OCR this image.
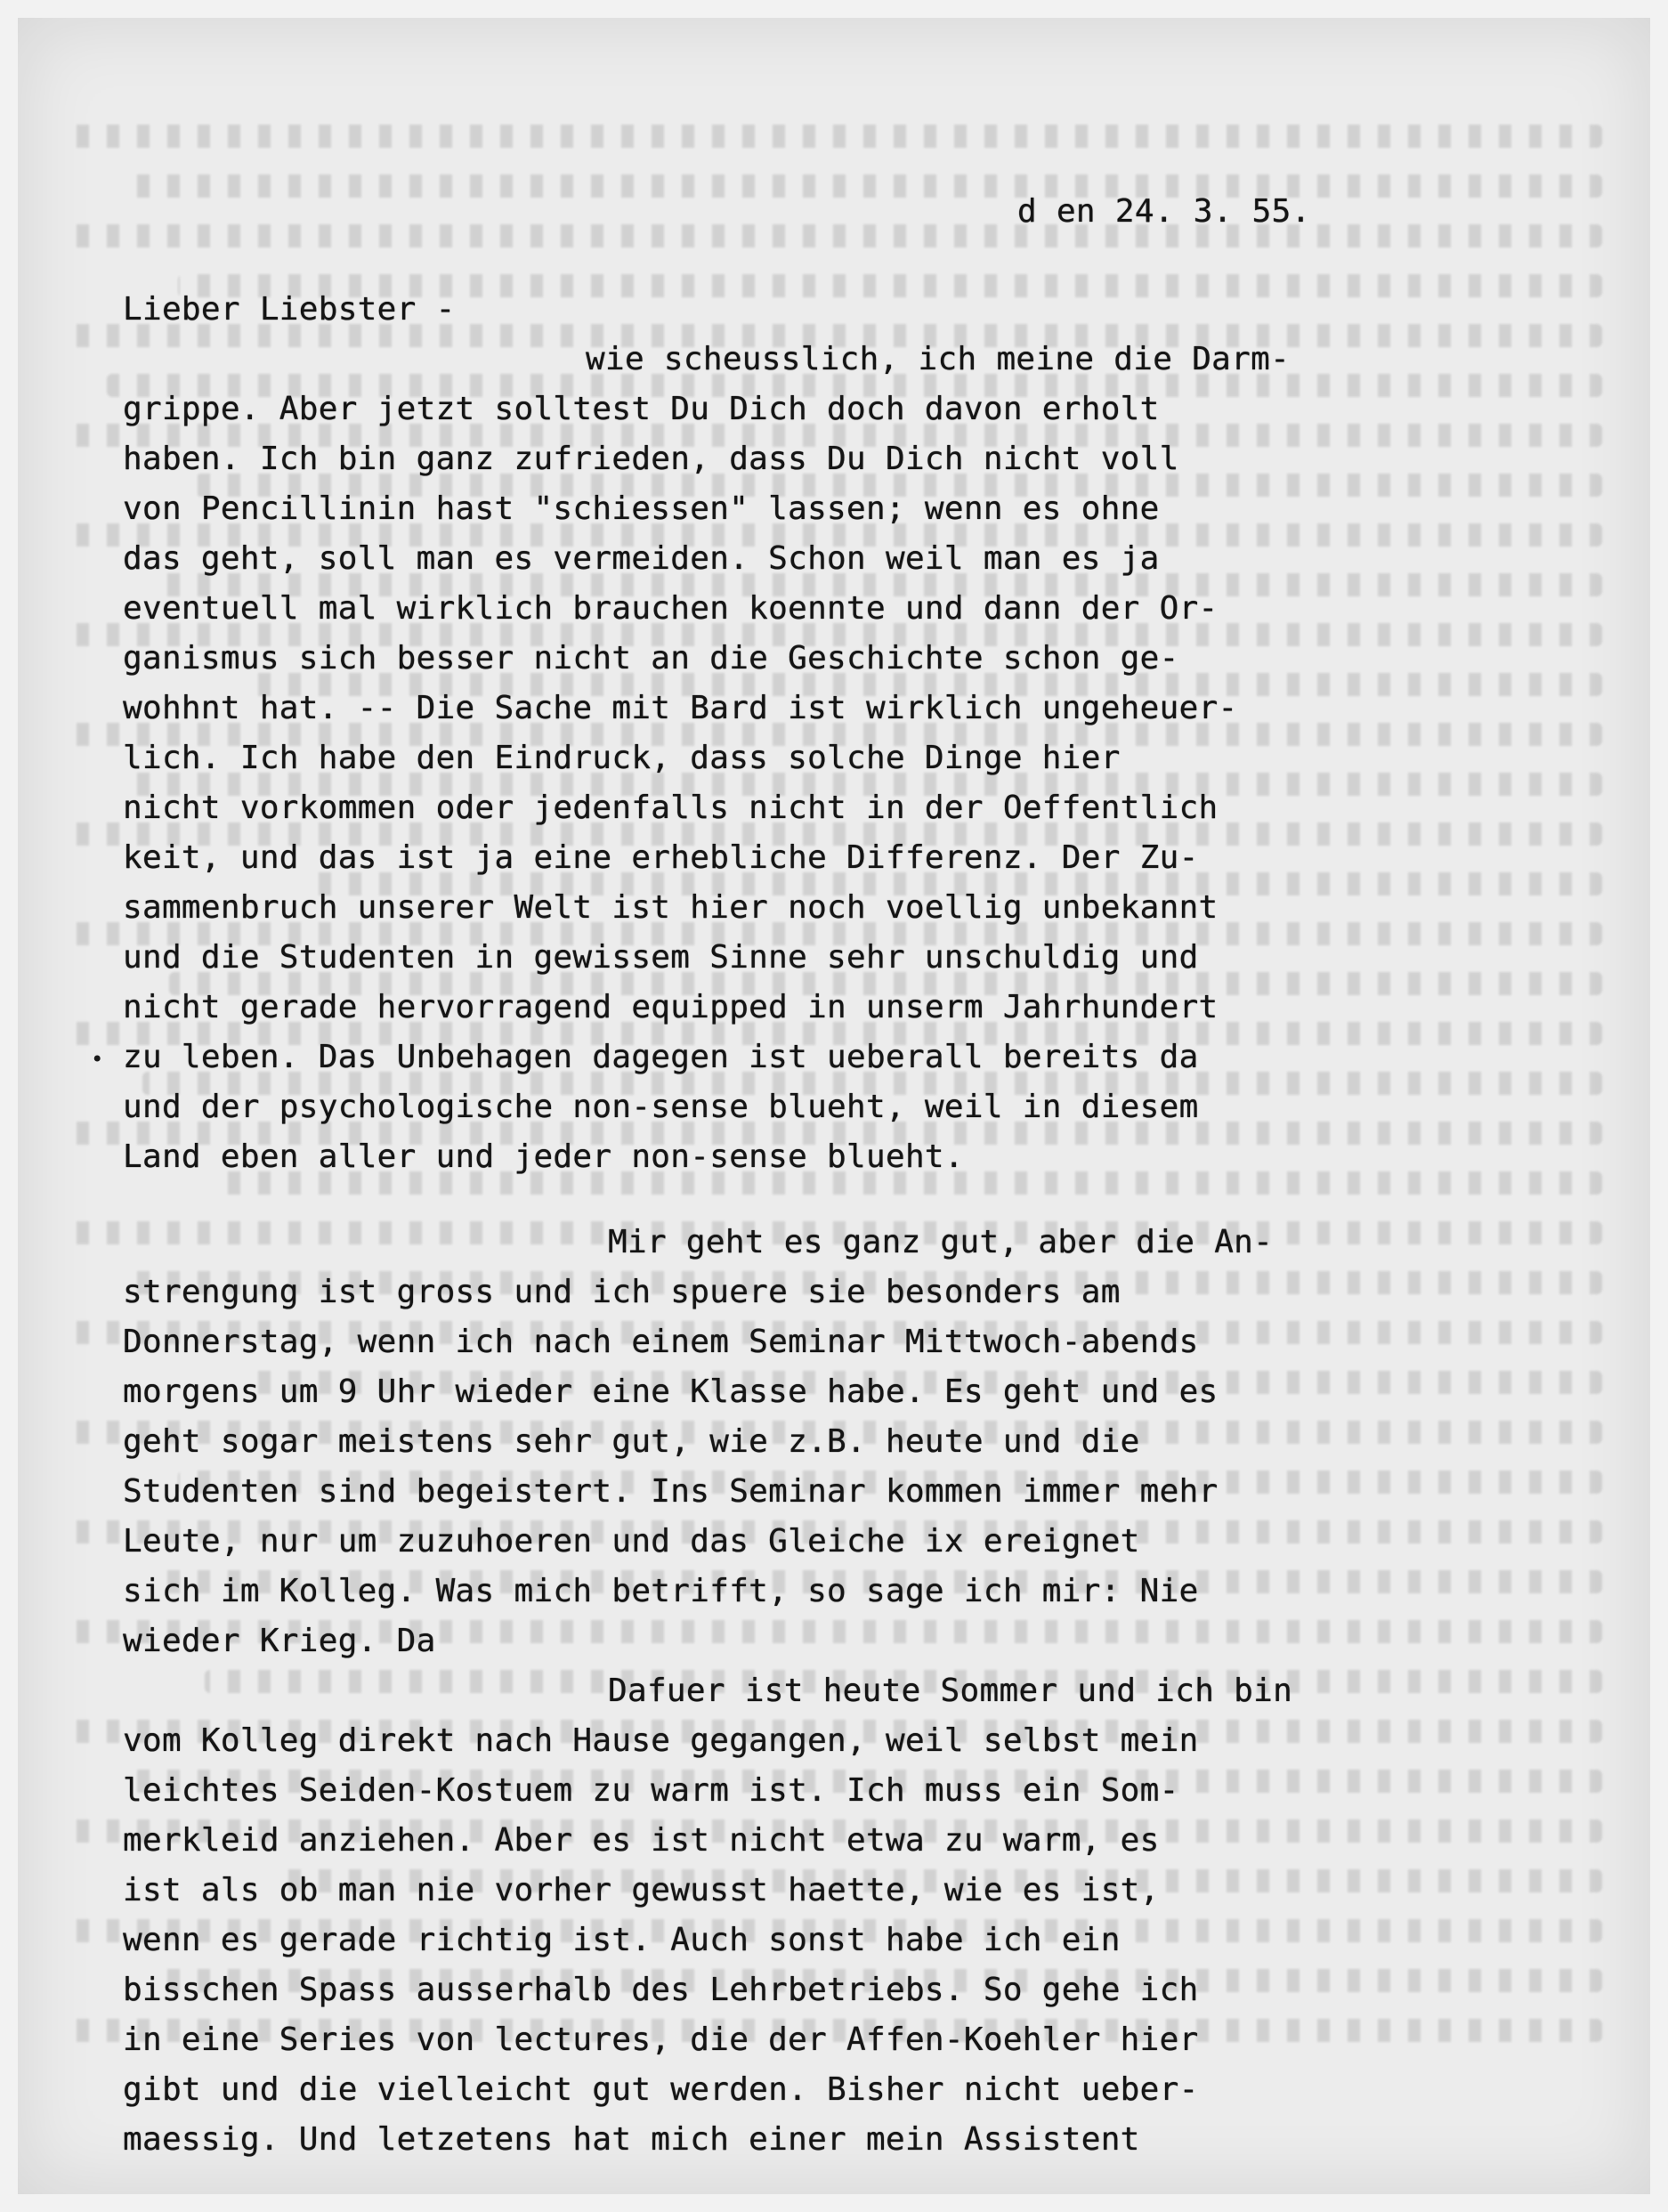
d en 24. 3. 55.
Lieber Liebster -
wie scheusslich, ich meine die Darm-
grippe. Aber jetzt solltest Du Dich doch davon erholt
haben. Ich bin ganz zufrieden, dass Du Dich nicht voll
von Pencillinin hast "schiessen" lassen; wenn es ohne
das geht, soll man es vermeiden. Schon weil man es ja
eventuell mal wirklich brauchen koennte und dann der Or-
ganismus sich besser nicht an die Geschichte schon ge-
wohhnt hat. -- Die Sache mit Bard ist wirklich ungeheuer-
lich. Ich habe den Eindruck, dass solche Dinge hier
nicht vorkommen oder jedenfalls nicht in der Oeffentlich
keit, und das ist ja eine erhebliche Differenz. Der Zu-
sammenbruch unserer Welt ist hier noch voellig unbekannt
und die Studenten in gewissem Sinne sehr unschuldig und
nicht gerade hervorragend equipped in unserm Jahrhundert
zu leben. Das Unbehagen dagegen ist ueberall bereits da
und der psychologische non-sense blueht, weil in diesem
Land eben aller und jeder non-sense blueht.
Mir geht es ganz gut, aber die An-
strengung ist gross und ich spuere sie besonders am
Donnerstag, wenn ich nach einem Seminar Mittwoch-abends
morgens um 9 Uhr wieder eine Klasse habe. Es geht und es
geht sogar meistens sehr gut, wie z.B. heute und die
Studenten sind begeistert. Ins Seminar kommen immer mehr
Leute, nur um zuzuhoeren und das Gleiche ix ereignet
sich im Kolleg. Was mich betrifft, so sage ich mir: Nie
wieder Krieg. Da
Dafuer ist heute Sommer und ich bin
vom Kolleg direkt nach Hause gegangen, weil selbst mein
leichtes Seiden-Kostuem zu warm ist. Ich muss ein Som-
merkleid anziehen. Aber es ist nicht etwa zu warm, es
ist als ob man nie vorher gewusst haette, wie es ist,
wenn es gerade richtig ist. Auch sonst habe ich ein
bisschen Spass ausserhalb des Lehrbetriebs. So gehe ich
in eine Series von lectures, die der Affen-Koehler hier
gibt und die vielleicht gut werden. Bisher nicht ueber-
maessig. Und letzetens hat mich einer mein Assistent
•
